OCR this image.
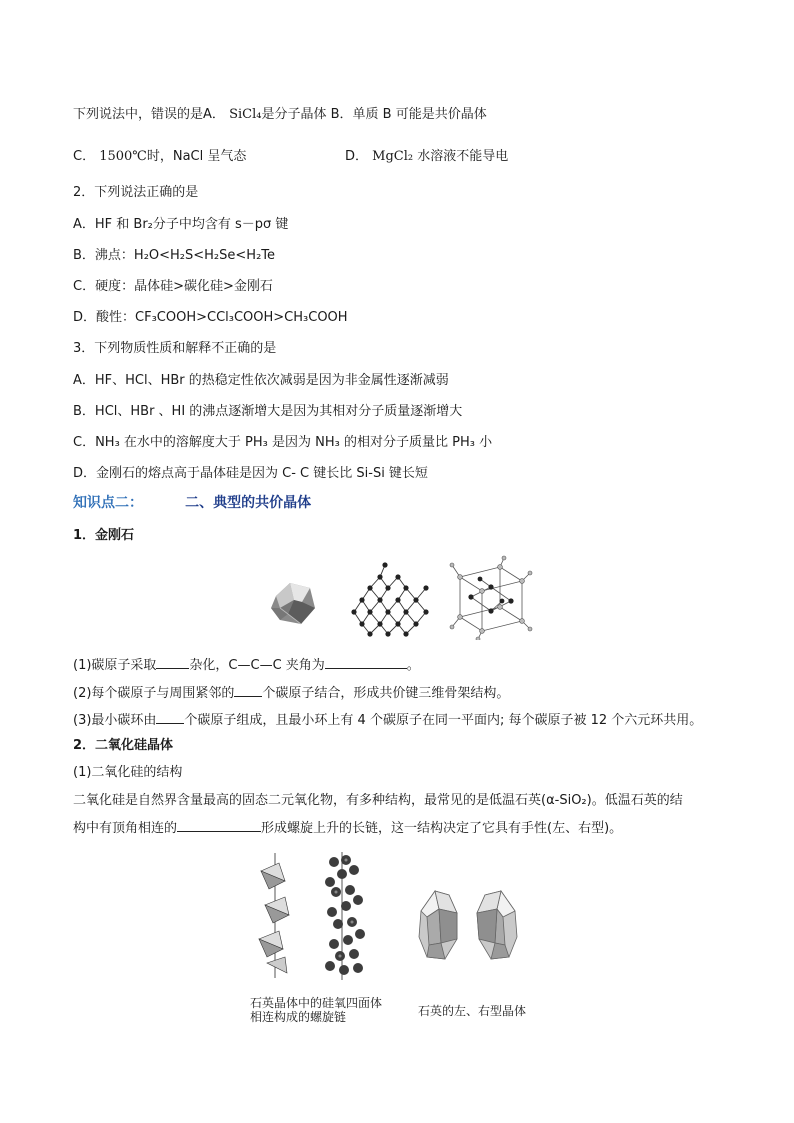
下列说法中，错误的是A． SiCl₄是分子晶体 B．单质 B 可能是共价晶体
C． 1500℃时，NaCl 呈气态	D． MgCl₂ 水溶液不能导电
2．下列说法正确的是
A．HF 和 Br₂分子中均含有 s－pσ 键
B．沸点：H₂O<H₂S<H₂Se<H₂Te
C．硬度：晶体硅>碳化硅>金刚石
D．酸性：CF₃COOH>CCl₃COOH>CH₃COOH
3．下列物质性质和解释不正确的是
A．HF、HCl、HBr 的热稳定性依次减弱是因为非金属性逐渐减弱
B．HCl、HBr 、HI 的沸点逐渐增大是因为其相对分子质量逐渐增大
C．NH₃ 在水中的溶解度大于 PH₃ 是因为 NH₃ 的相对分子质量比 PH₃ 小
D．金刚石的熔点高于晶体硅是因为 C- C 键长比 Si-Si 键长短
知识点二：	二、典型的共价晶体
1．金刚石
(1)碳原子采取	杂化，C—C—C 夹角为	。
(2)每个碳原子与周围紧邻的 个碳原子结合，形成共价键三维骨架结构。
(3)最小碳环由 个碳原子组成，且最小环上有 4 个碳原子在同一平面内; 每个碳原子被 12 个六元环共用。
2．二氧化硅晶体
(1)二氧化硅的结构
二氧化硅是自然界含量最高的固态二元氧化物，有多种结构，最常见的是低温石英(α-SiO₂)。低温石英的结
构中有顶角相连的	形成螺旋上升的长链，这一结构决定了它具有手性(左、右型)。
石英晶体中的硅氧四面体
相连构成的螺旋链	石英的左、右型晶体
